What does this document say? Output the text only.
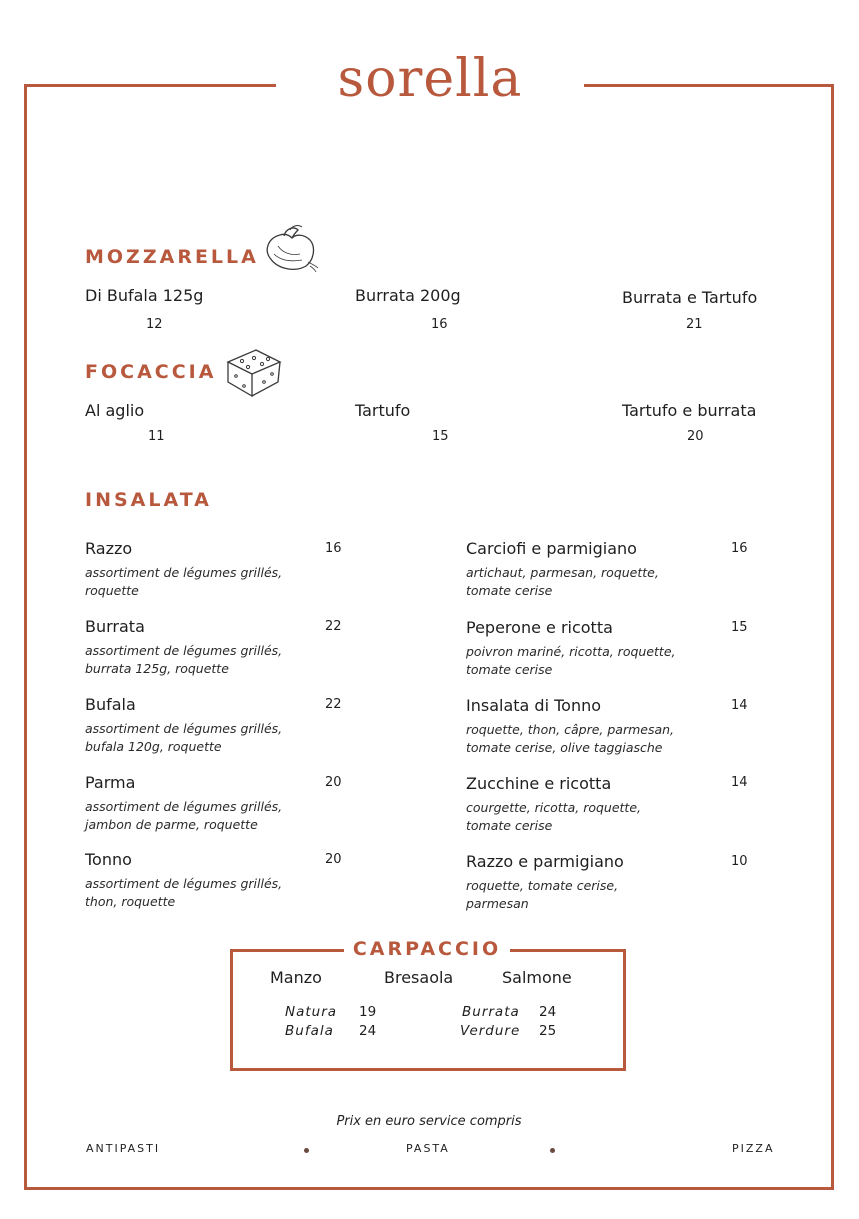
sorella
MOZZARELLA
Di Bufala 125g
12
Burrata 200g
16
Burrata e Tartufo
21
FOCACCIA
Al aglio
11
Tartufo
15
Tartufo e burrata
20
INSALATA
Razzo	16
assortiment de légumes grillés,
roquette
Burrata	22
assortiment de légumes grillés,
burrata 125g, roquette
Bufala	22
assortiment de légumes grillés,
bufala 120g, roquette
Parma	20
assortiment de légumes grillés,
jambon de parme, roquette
Tonno	20
assortiment de légumes grillés,
thon, roquette
Carciofi e parmigiano	16
artichaut, parmesan, roquette,
tomate cerise
Peperone e ricotta	15
poivron mariné, ricotta, roquette,
tomate cerise
Insalata di Tonno	14
roquette, thon, câpre, parmesan,
tomate cerise, olive taggiasche
Zucchine e ricotta	14
courgette, ricotta, roquette,
tomate cerise
Razzo e parmigiano	10
roquette, tomate cerise,
parmesan
CARPACCIO
Manzo	Bresaola	Salmone
Natura 19
Bufala 24
Burrata 24
Verdure 25
Prix en euro service compris
ANTIPASTI	PASTA	PIZZA
